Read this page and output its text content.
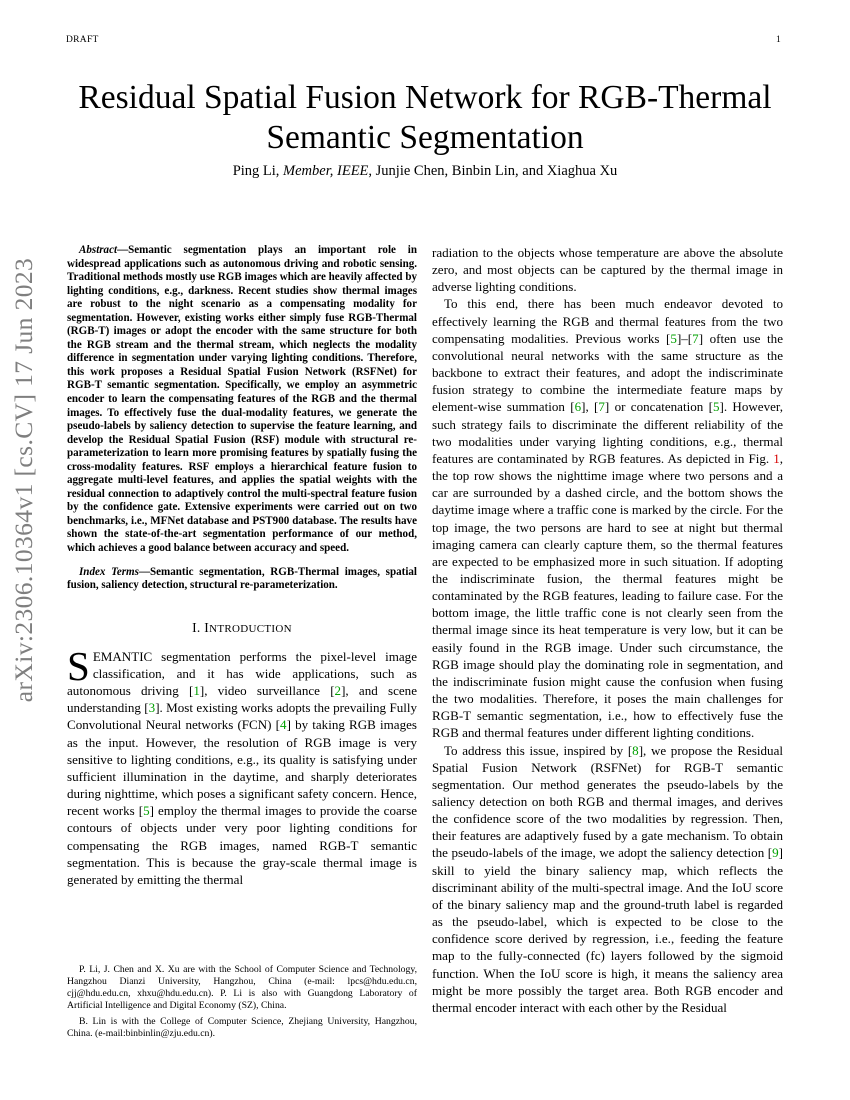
DRAFT	1
arXiv:2306.10364v1 [cs.CV] 17 Jun 2023
Residual Spatial Fusion Network for RGB-Thermal
Semantic Segmentation
Ping Li, Member, IEEE, Junjie Chen, Binbin Lin, and Xiaghua Xu

Abstract—Semantic segmentation plays an important role in widespread applications such as autonomous driving and robotic sensing. Traditional methods mostly use RGB images which are heavily affected by lighting conditions, e.g., darkness. Recent studies show thermal images are robust to the night scenario as a compensating modality for segmentation. However, existing works either simply fuse RGB-Thermal (RGB-T) images or adopt the encoder with the same structure for both the RGB stream and the thermal stream, which neglects the modality difference in segmentation under varying lighting conditions. Therefore, this work proposes a Residual Spatial Fusion Network (RSFNet) for RGB-T semantic segmentation. Specifically, we employ an asymmetric encoder to learn the compensating features of the RGB and the thermal images. To effectively fuse the dual-modality features, we generate the pseudo-labels by saliency detection to supervise the feature learning, and develop the Residual Spatial Fusion (RSF) module with structural re-parameterization to learn more promising features by spatially fusing the cross-modality features. RSF employs a hierarchical feature fusion to aggregate multi-level features, and applies the spatial weights with the residual connection to adaptively control the multi-spectral feature fusion by the confidence gate. Extensive experiments were carried out on two benchmarks, i.e., MFNet database and PST900 database. The results have shown the state-of-the-art segmentation performance of our method, which achieves a good balance between accuracy and speed.

Index Terms—Semantic segmentation, RGB-Thermal images, spatial fusion, saliency detection, structural re-parameterization.

I. INTRODUCTION

SEMANTIC segmentation performs the pixel-level image classification, and it has wide applications, such as autonomous driving [1], video surveillance [2], and scene understanding [3]. Most existing works adopts the prevailing Fully Convolutional Neural networks (FCN) [4] by taking RGB images as the input. However, the resolution of RGB image is very sensitive to lighting conditions, e.g., its quality is satisfying under sufficient illumination in the daytime, and sharply deteriorates during nighttime, which poses a significant safety concern. Hence, recent works [5] employ the thermal images to provide the coarse contours of objects under very poor lighting conditions for compensating the RGB images, named RGB-T semantic segmentation. This is because the gray-scale thermal image is generated by emitting the thermal

P. Li, J. Chen and X. Xu are with the School of Computer Science and Technology, Hangzhou Dianzi University, Hangzhou, China (e-mail: lpcs@hdu.edu.cn, cjj@hdu.edu.cn, xhxu@hdu.edu.cn). P. Li is also with Guangdong Laboratory of Artificial Intelligence and Digital Economy (SZ), China.

B. Lin is with the College of Computer Science, Zhejiang University, Hangzhou, China. (e-mail:binbinlin@zju.edu.cn).

radiation to the objects whose temperature are above the absolute zero, and most objects can be captured by the thermal image in adverse lighting conditions.

To this end, there has been much endeavor devoted to effectively learning the RGB and thermal features from the two compensating modalities. Previous works [5]–[7] often use the convolutional neural networks with the same structure as the backbone to extract their features, and adopt the indiscriminate fusion strategy to combine the intermediate feature maps by element-wise summation [6], [7] or concatenation [5]. However, such strategy fails to discriminate the different reliability of the two modalities under varying lighting conditions, e.g., thermal features are contaminated by RGB features. As depicted in Fig. 1, the top row shows the nighttime image where two persons and a car are surrounded by a dashed circle, and the bottom shows the daytime image where a traffic cone is marked by the circle. For the top image, the two persons are hard to see at night but thermal imaging camera can clearly capture them, so the thermal features are expected to be emphasized more in such situation. If adopting the indiscriminate fusion, the thermal features might be contaminated by the RGB features, leading to failure case. For the bottom image, the little traffic cone is not clearly seen from the thermal image since its heat temperature is very low, but it can be easily found in the RGB image. Under such circumstance, the RGB image should play the dominating role in segmentation, and the indiscriminate fusion might cause the confusion when fusing the two modalities. Therefore, it poses the main challenges for RGB-T semantic segmentation, i.e., how to effectively fuse the RGB and thermal features under different lighting conditions.

To address this issue, inspired by [8], we propose the Residual Spatial Fusion Network (RSFNet) for RGB-T semantic segmentation. Our method generates the pseudo-labels by the saliency detection on both RGB and thermal images, and derives the confidence score of the two modalities by regression. Then, their features are adaptively fused by a gate mechanism. To obtain the pseudo-labels of the image, we adopt the saliency detection [9] skill to yield the binary saliency map, which reflects the discriminant ability of the multi-spectral image. And the IoU score of the binary saliency map and the ground-truth label is regarded as the pseudo-label, which is expected to be close to the confidence score derived by regression, i.e., feeding the feature map to the fully-connected (fc) layers followed by the sigmoid function. When the IoU score is high, it means the saliency area might be more possibly the target area. Both RGB encoder and thermal encoder interact with each other by the Residual
